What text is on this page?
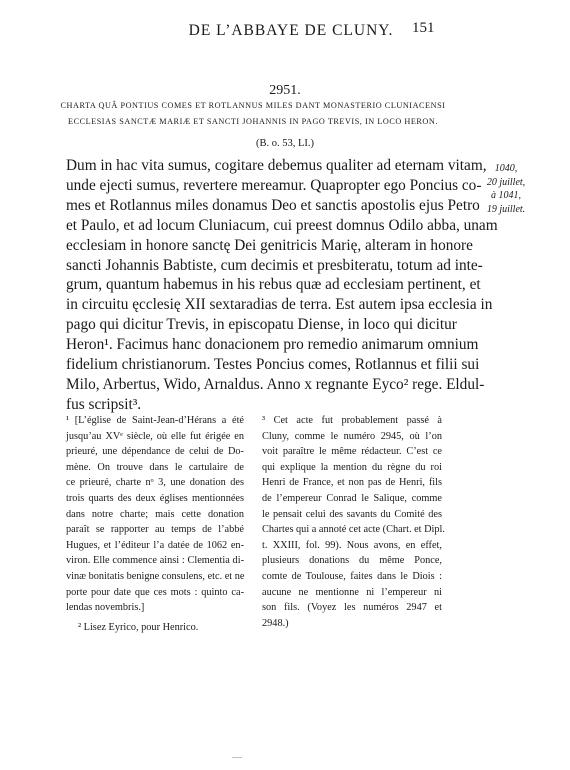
DE L’ABBAYE DE CLUNY.	151
2951.
CHARTA QUÂ PONTIUS COMES ET ROTLANNUS MILES DANT MONASTERIO CLUNIACENSI
ECCLESIAS SANCTÆ MARIÆ ET SANCTI JOHANNIS IN PAGO TREVIS, IN LOCO HERON.
(B. o. 53, LI.)
Dum in hac vita sumus, cogitare debemus qualiter ad eternam vitam,
unde ejecti sumus, revertere mereamur. Quapropter ego Poncius co-
mes et Rotlannus miles donamus Deo et sanctis apostolis ejus Petro
et Paulo, et ad locum Cluniacum, cui preest domnus Odilo abba, unam
ecclesiam in honore sanctę Dei genitricis Marię, alteram in honore
sancti Johannis Babtiste, cum decimis et presbiteratu, totum ad inte-
grum, quantum habemus in his rebus quæ ad ecclesiam pertinent, et
in circuitu ęcclesię XII sextaradias de terra. Est autem ipsa ecclesia in
pago qui dicitur Trevis, in episcopatu Diense, in loco qui dicitur
Heron¹. Facimus hanc donacionem pro remedio animarum omnium
fidelium christianorum. Testes Poncius comes, Rotlannus et filii sui
Milo, Arbertus, Wido, Arnaldus. Anno x regnante Eyco² rege. Eldul-
fus scripsit³.
1040,
20 juillet,
à 1041,
19 juillet.
¹ [L’église de Saint-Jean-d’Hérans a été
jusqu’au XVᵉ siècle, où elle fut érigée en
prieuré, une dépendance de celui de Do-
mène. On trouve dans le cartulaire de
ce prieuré, charte nᵒ 3, une donation des
trois quarts des deux églises mentionnées
dans notre charte; mais cette donation
paraît se rapporter au temps de l’abbé
Hugues, et l’éditeur l’a datée de 1062 en-
viron. Elle commence ainsi : Clementia di-
vinæ bonitatis benigne consulens, etc. et ne
porte pour date que ces mots : quinto ca-
lendas novembris.]
² Lisez Eyrico, pour Henrico.
³ Cet acte fut probablement passé à
Cluny, comme le numéro 2945, où l’on
voit paraître le même rédacteur. C’est ce
qui explique la mention du règne du roi
Henri de France, et non pas de Henri, fils
de l’empereur Conrad le Salique, comme
le pensait celui des savants du Comité des
Chartes qui a annoté cet acte (Chart. et Dipl.
t. XXIII, fol. 99). Nous avons, en effet,
plusieurs donations du même Ponce,
comte de Toulouse, faites dans le Diois :
aucune ne mentionne ni l’empereur ni
son fils. (Voyez les numéros 2947 et
2948.)
—
